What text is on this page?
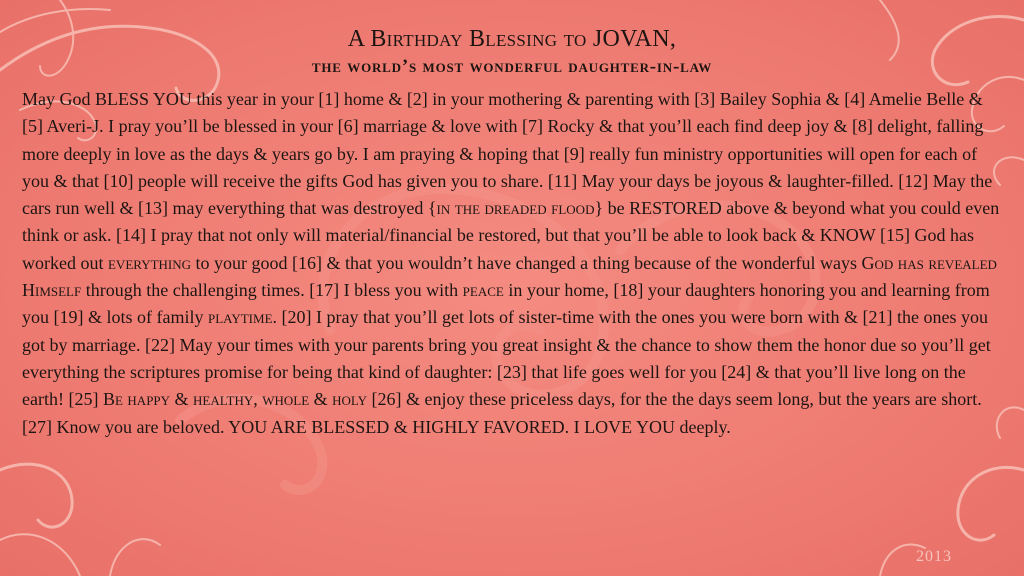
A Birthday Blessing to JOVAN,
the world’s most wonderful daughter-in-law
May God BLESS YOU this year in your [1] home & [2] in your mothering & parenting with [3] Bailey Sophia & [4] Amelie Belle & [5] Averi-J. I pray you’ll be blessed in your [6] marriage & love with [7] Rocky & that you’ll each find deep joy & [8] delight, falling more deeply in love as the days & years go by. I am praying & hoping that [9] really fun ministry opportunities will open for each of you & that [10] people will receive the gifts God has given you to share. [11] May your days be joyous & laughter-filled. [12] May the cars run well & [13] may everything that was destroyed {in the dreaded flood} be RESTORED above & beyond what you could even think or ask. [14] I pray that not only will material/financial be restored, but that you’ll be able to look back & KNOW [15] God has worked out everything to your good [16] & that you wouldn’t have changed a thing because of the wonderful ways God has revealed Himself through the challenging times. [17] I bless you with peace in your home, [18] your daughters honoring you and learning from you [19] & lots of family playtime. [20] I pray that you’ll get lots of sister-time with the ones you were born with & [21] the ones you got by marriage. [22] May your times with your parents bring you great insight & the chance to show them the honor due so you’ll get everything the scriptures promise for being that kind of daughter: [23] that life goes well for you [24] & that you’ll live long on the earth! [25] Be happy & healthy, whole & holy [26] & enjoy these priceless days, for the the days seem long, but the years are short. [27] Know you are beloved. YOU ARE BLESSED & HIGHLY FAVORED. I LOVE YOU deeply.
2013
